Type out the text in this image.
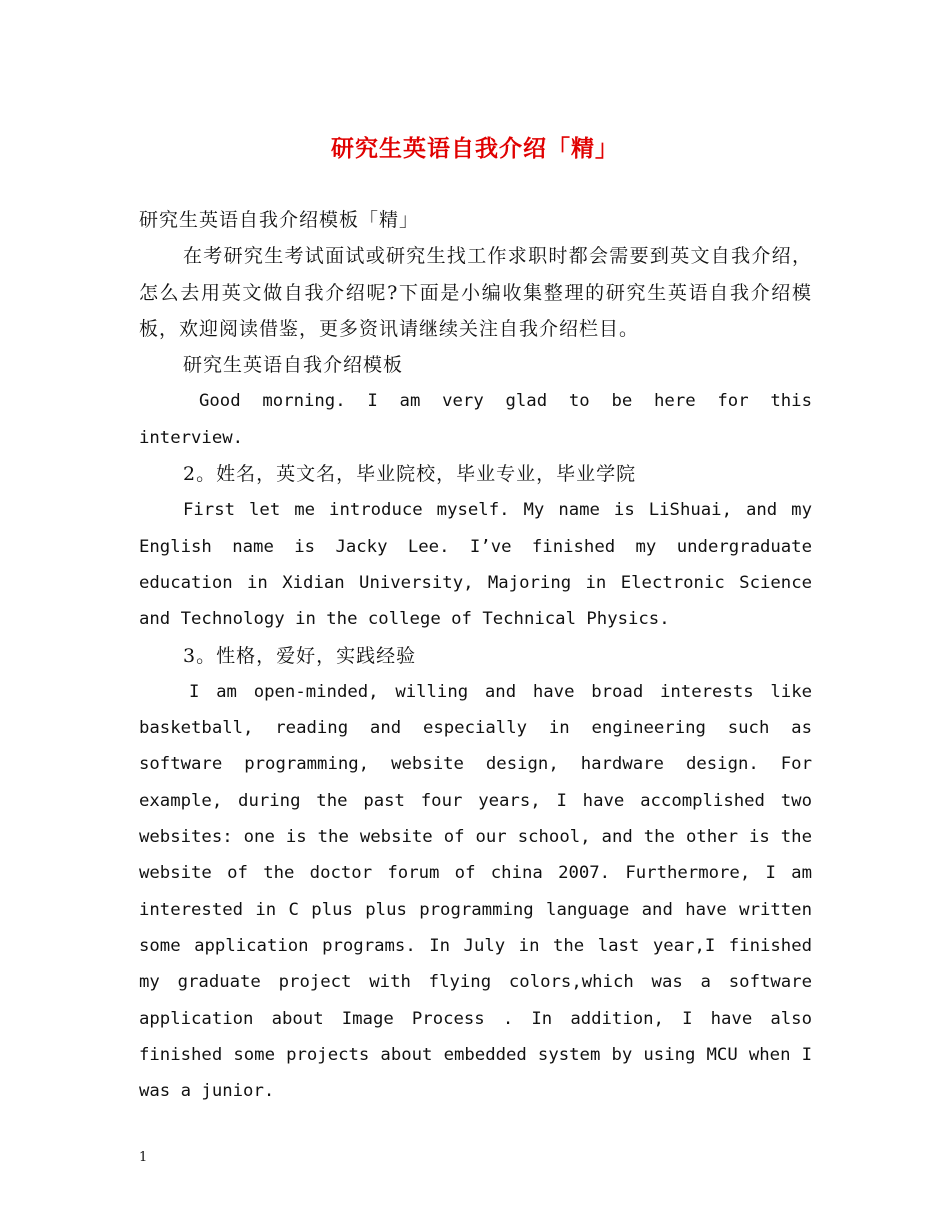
研究生英语自我介绍「精」

研究生英语自我介绍模板「精」

在考研究生考试面试或研究生找工作求职时都会需要到英文自我介绍，怎么去用英文做自我介绍呢?下面是小编收集整理的研究生英语自我介绍模板，欢迎阅读借鉴，更多资讯请继续关注自我介绍栏目。

研究生英语自我介绍模板

Good morning. I am very glad to be here for this interview.

2。姓名，英文名，毕业院校，毕业专业，毕业学院

First let me introduce myself. My name is LiShuai, and my English name is Jacky Lee. I’ve finished my undergraduate education in Xidian University, Majoring in Electronic Science and Technology in the college of Technical Physics.

3。性格，爱好，实践经验

I am open-minded, willing and have broad interests like basketball, reading and especially in engineering such as software programming, website design, hardware design. For example, during the past four years, I have accomplished two websites: one is the website of our school, and the other is the website of the doctor forum of china 2007. Furthermore, I am interested in C plus plus programming language and have written some application programs. In July in the last year,I finished my graduate project with flying colors,which was a software application about Image Process . In addition, I have also finished some projects about embedded system by using MCU when I was a junior.

1
